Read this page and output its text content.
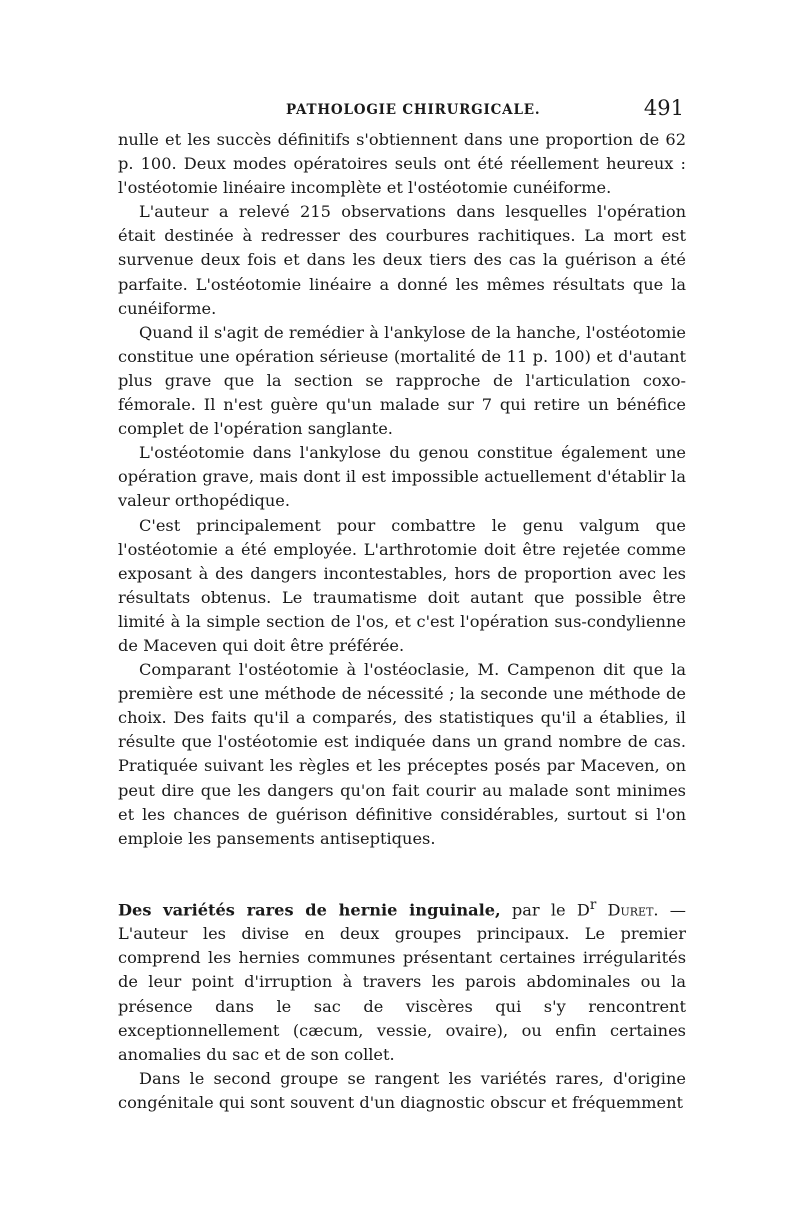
PATHOLOGIE CHIRURGICALE.	491

nulle et les succès définitifs s'obtiennent dans une proportion de 62 p. 100. Deux modes opératoires seuls ont été réellement heureux : l'ostéotomie linéaire incomplète et l'ostéotomie cunéiforme.

L'auteur a relevé 215 observations dans lesquelles l'opération était destinée à redresser des courbures rachitiques. La mort est survenue deux fois et dans les deux tiers des cas la guérison a été parfaite. L'ostéotomie linéaire a donné les mêmes résultats que la cunéiforme.

Quand il s'agit de remédier à l'ankylose de la hanche, l'ostéotomie constitue une opération sérieuse (mortalité de 11 p. 100) et d'autant plus grave que la section se rapproche de l'articulation coxo-fémorale. Il n'est guère qu'un malade sur 7 qui retire un bénéfice complet de l'opération sanglante.

L'ostéotomie dans l'ankylose du genou constitue également une opération grave, mais dont il est impossible actuellement d'établir la valeur orthopédique.

C'est principalement pour combattre le genu valgum que l'ostéotomie a été employée. L'arthrotomie doit être rejetée comme exposant à des dangers incontestables, hors de proportion avec les résultats obtenus. Le traumatisme doit autant que possible être limité à la simple section de l'os, et c'est l'opération sus-condylienne de Maceven qui doit être préférée.

Comparant l'ostéotomie à l'ostéoclasie, M. Campenon dit que la première est une méthode de nécessité ; la seconde une méthode de choix. Des faits qu'il a comparés, des statistiques qu'il a établies, il résulte que l'ostéotomie est indiquée dans un grand nombre de cas. Pratiquée suivant les règles et les préceptes posés par Maceven, on peut dire que les dangers qu'on fait courir au malade sont minimes et les chances de guérison définitive considérables, surtout si l'on emploie les pansements antiseptiques.

Des variétés rares de hernie inguinale, par le $D^r$ Duret. — L'auteur les divise en deux groupes principaux. Le premier comprend les hernies communes présentant certaines irrégularités de leur point d'irruption à travers les parois abdominales ou la présence dans le sac de viscères qui s'y rencontrent exceptionnellement (cæcum, vessie, ovaire), ou enfin certaines anomalies du sac et de son collet.

Dans le second groupe se rangent les variétés rares, d'origine congénitale qui sont souvent d'un diagnostic obscur et fréquemment
